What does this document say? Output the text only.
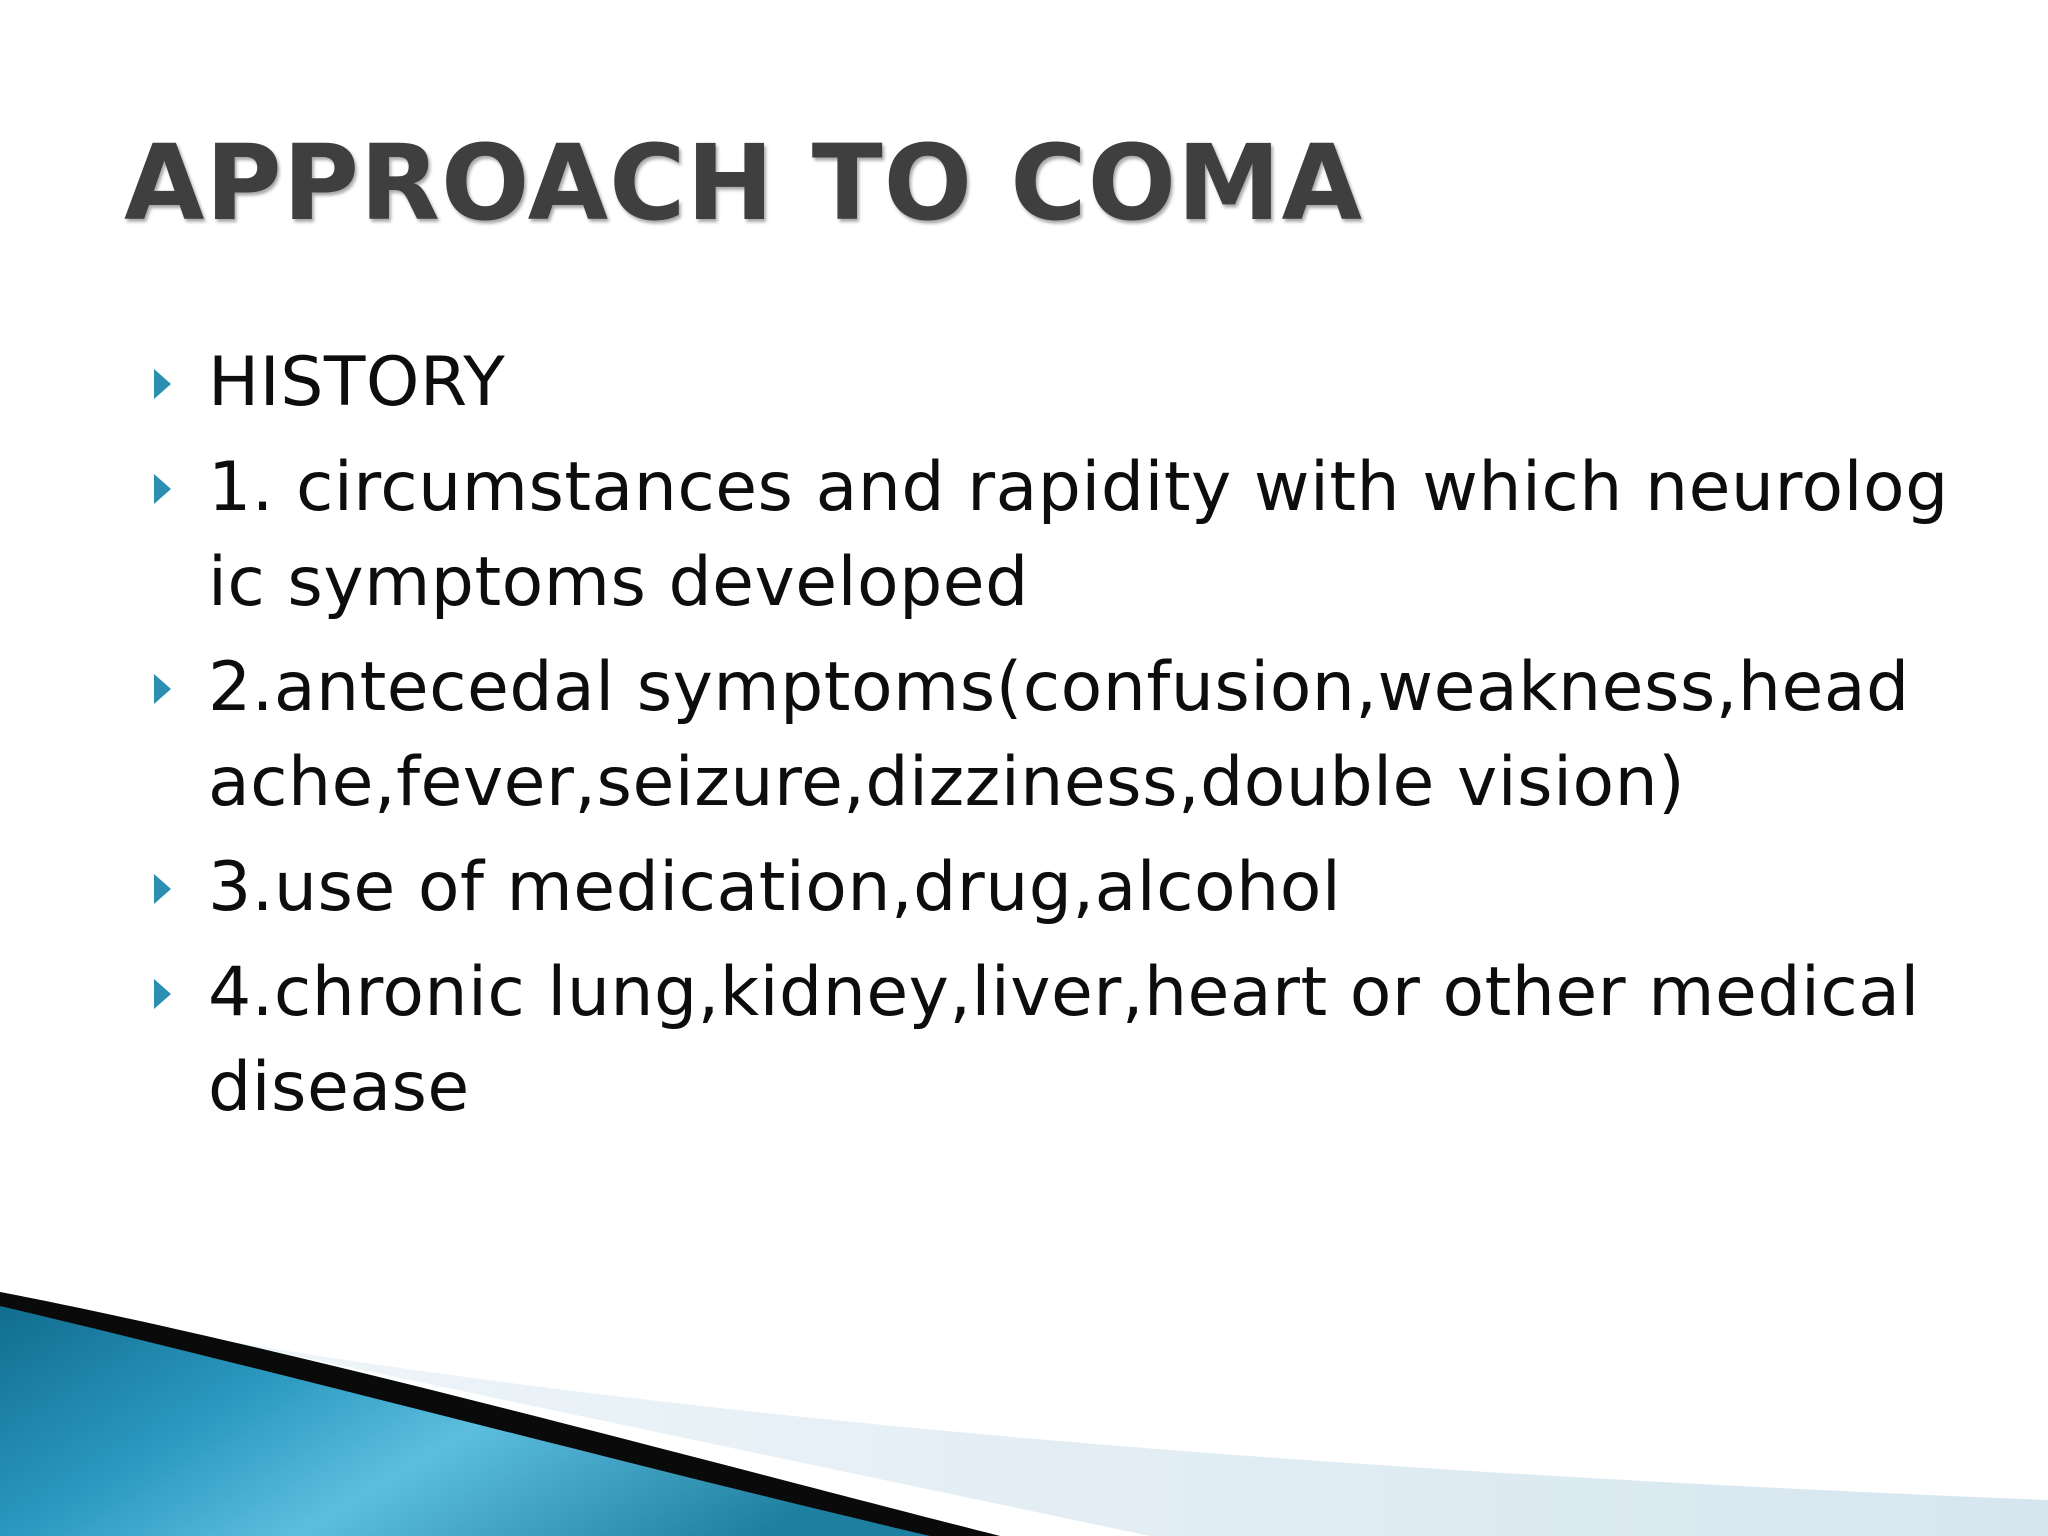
APPROACH TO COMA
HISTORY
1. circumstances and rapidity with which neurologic symptoms developed
2.antecedal symptoms(confusion,weakness,headache,fever,seizure,dizziness,double vision)
3.use of medication,drug,alcohol
4.chronic lung,kidney,liver,heart or other medical disease
